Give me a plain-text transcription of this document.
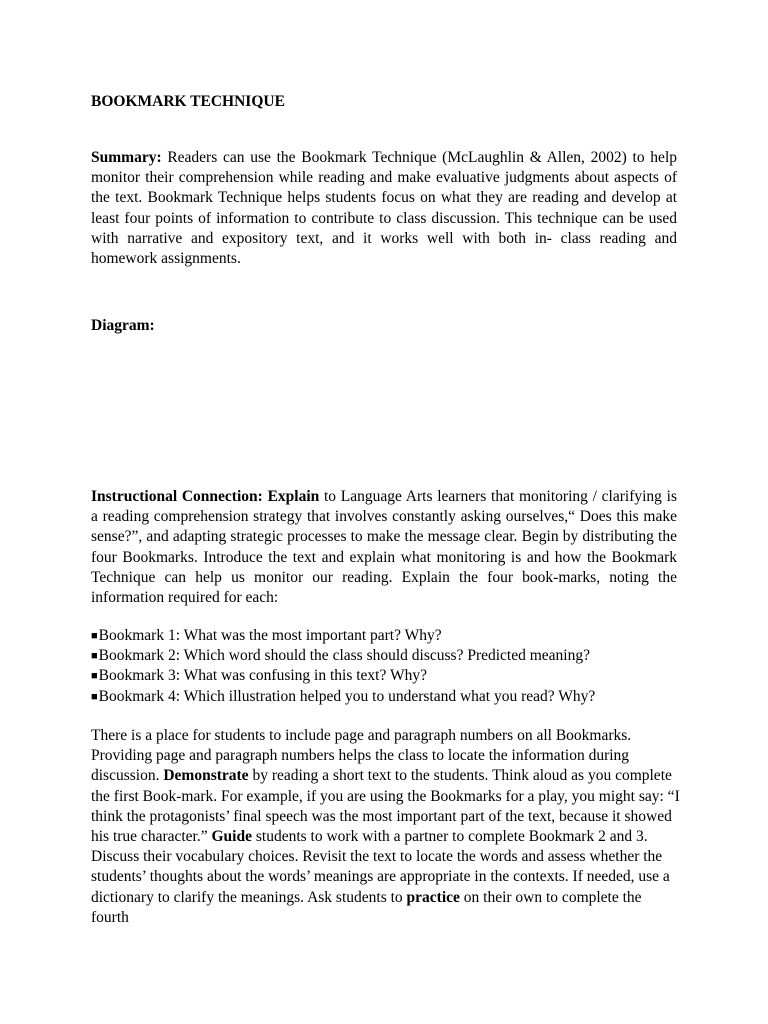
BOOKMARK TECHNIQUE

Summary: Readers can use the Bookmark Technique (McLaughlin & Allen, 2002) to help monitor their comprehension while reading and make evaluative judgments about aspects of the text. Bookmark Technique helps students focus on what they are reading and develop at least four points of information to contribute to class discussion. This technique can be used with narrative and expository text, and it works well with both in- class reading and homework assignments.

Diagram:

Instructional Connection: Explain to Language Arts learners that monitoring / clarifying is a reading comprehension strategy that involves constantly asking ourselves,“ Does this make sense?”, and adapting strategic processes to make the message clear. Begin by distributing the four Bookmarks. Introduce the text and explain what monitoring is and how the Bookmark Technique can help us monitor our reading. Explain the four book-marks, noting the information required for each:

■Bookmark 1: What was the most important part? Why?
■Bookmark 2: Which word should the class should discuss? Predicted meaning?
■Bookmark 3: What was confusing in this text? Why?
■Bookmark 4: Which illustration helped you to understand what you read? Why?

There is a place for students to include page and paragraph numbers on all Bookmarks. Providing page and paragraph numbers helps the class to locate the information during discussion. Demonstrate by reading a short text to the students. Think aloud as you complete the first Book-mark. For example, if you are using the Bookmarks for a play, you might say: “I think the protagonists’ final speech was the most important part of the text, because it showed his true character.” Guide students to work with a partner to complete Bookmark 2 and 3. Discuss their vocabulary choices. Revisit the text to locate the words and assess whether the students’ thoughts about the words’ meanings are appropriate in the contexts. If needed, use a dictionary to clarify the meanings. Ask students to practice on their own to complete the fourth
